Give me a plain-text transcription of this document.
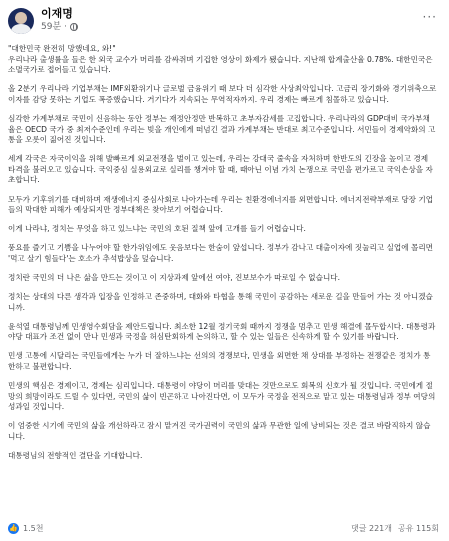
이재명
59분 ·
···

"대한민국 완전히 망했네요, 와!"
우리나라 출생률을 들은 한 외국 교수가 머리를 감싸쥐며 기겁한 영상이 화제가 됐습니다. 지난해 합계출산율 0.78%. 대한민국은 소멸국가로 접어들고 있습니다.

올 2분기 우리나라 기업부채는 IMF외환위기나 글로벌 금융위기 때 보다 더 심각한 사상최악입니다. 고금리 장기화와 경기위축으로 이자를 감당 못하는 기업도 폭증했습니다. 거기다가 지속되는 무역적자까지. 우리 경제는 빠르게 침몰하고 있습니다.

심각한 가계부채로 국민이 신음하는 동안 정부는 재정안정만 반복하고 초부자감세를 고집합니다. 우리나라의 GDP대비 국가부채율은 OECD 국가 중 최저수준인데 우리는 빚을 개인에게 떠넘긴 결과 가계부채는 반대로 최고수준입니다. 서민들이 경제악화의 고통을 오롯이 짊어진 것입니다.

세계 각국은 자국이익을 위해 발빠르게 외교전쟁을 벌이고 있는데, 우리는 강대국 줄속을 자처하며 한반도의 긴장을 높이고 경제 타격을 불러오고 있습니다. 국익중심 실용외교로 실리를 챙겨야 할 때, 때아닌 이념 가치 논쟁으로 국민을 편가르고 국익손상을 자초합니다.

모두가 기후위기를 대비하며 재생에너지 중심사회로 나아가는데 우리는 친환경에너지를 외면합니다. 에너지전략부재로 당장 기업들의 막대한 피해가 예상되지만 정부대책은 찾아보기 어렵습니다.

이게 나라냐, 정치는 무엇을 하고 있느냐는 국민의 호된 질책 앞에 고개를 들기 어렵습니다.

풍요를 즐기고 기쁨을 나누어야 할 한가위임에도 웃음보다는 한숨이 앞섭니다. 정부가 감나고 대출이자에 짓눌리고 실업에 몰리면 '먹고 살기 힘들다'는 호소가 추석밥상을 덮습니다.

정치란 국민의 더 나은 삶을 만드는 것이고 이 지상과제 앞에선 여야, 진보보수가 따로일 수 없습니다.

정치는 상대의 다른 생각과 입장을 인정하고 존중하며, 대화와 타협을 통해 국민이 공감하는 새로운 길을 만들어 가는 것 아니겠습니까.

윤석열 대통령님께 민생영수회담을 제안드립니다. 최소한 12월 정기국회 때까지 정쟁을 멈추고 민생 해결에 몰두합시다. 대통령과 야당 대표가 조건 없이 만나 민생과 국정을 허심탄회하게 논의하고, 할 수 있는 일들은 신속하게 할 수 있기를 바랍니다.

민생 고통에 시달리는 국민들에게는 누가 더 잘하느냐는 선의의 경쟁보다, 민생을 외면한 채 상대를 부정하는 전쟁같은 정치가 통한하고 불편합니다.

민생의 핵심은 경제이고, 경제는 심리입니다. 대통령이 야당이 머리를 맞대는 것만으로도 회복의 신호가 될 것입니다. 국민에게 절망의 희망이라도 드릴 수 있다면, 국민의 삶이 빈곤하고 나아진다면, 이 모두가 국정을 전적으로 맡고 있는 대통령님과 정부 여당의 성과일 것입니다.

이 엄중한 시기에 국민의 삶을 개선하라고 잠시 맡겨진 국가권력이 국민의 삶과 무관한 일에 낭비되는 것은 결코 바람직하지 않습니다.

대통령님의 전향적인 결단을 기대합니다.

👍 1.5천	댓글 221개 공유 115회
